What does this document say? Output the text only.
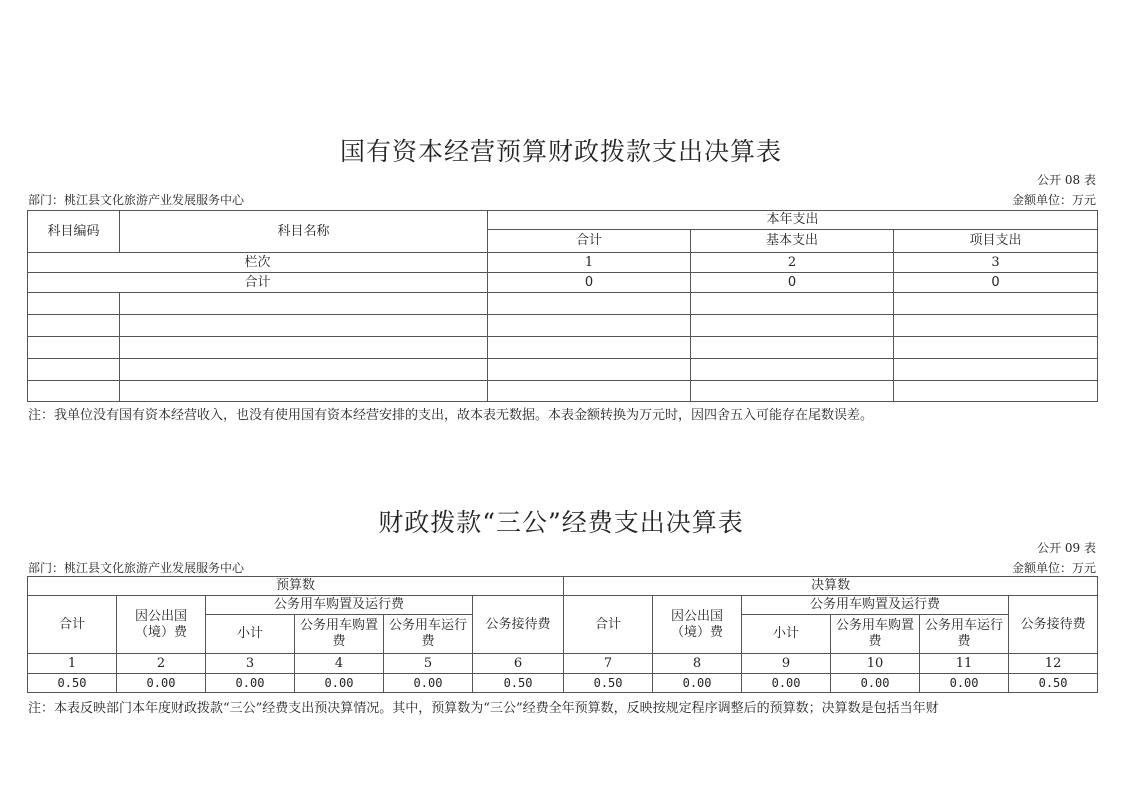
国有资本经营预算财政拨款支出决算表
公开 08 表
部门：桃江县文化旅游产业发展服务中心	金额单位：万元
科目编码	科目名称	本年支出		
		合计	基本支出	项目支出
栏次		1	2	3
合计		0	0	0

注：我单位没有国有资本经营收入，也没有使用国有资本经营安排的支出，故本表无数据。本表金额转换为万元时，因四舍五入可能存在尾数误差。
财政拨款“三公”经费支出决算表
公开 09 表
部门：桃江县文化旅游产业发展服务中心	金额单位：万元
预算数						决算数					
合计	因公出国（境）费	公务用车购置及运行费			公务接待费	合计	因公出国（境）费	公务用车购置及运行费			公务接待费
		小计	公务用车购置费	公务用车运行费				小计	公务用车购置费	公务用车运行费	
1	2	3	4	5	6	7	8	9	10	11	12
0.50	0.00	0.00	0.00	0.00	0.50	0.50	0.00	0.00	0.00	0.00	0.50
注：本表反映部门本年度财政拨款“三公”经费支出预决算情况。其中，预算数为“三公”经费全年预算数，反映按规定程序调整后的预算数；决算数是包括当年财
